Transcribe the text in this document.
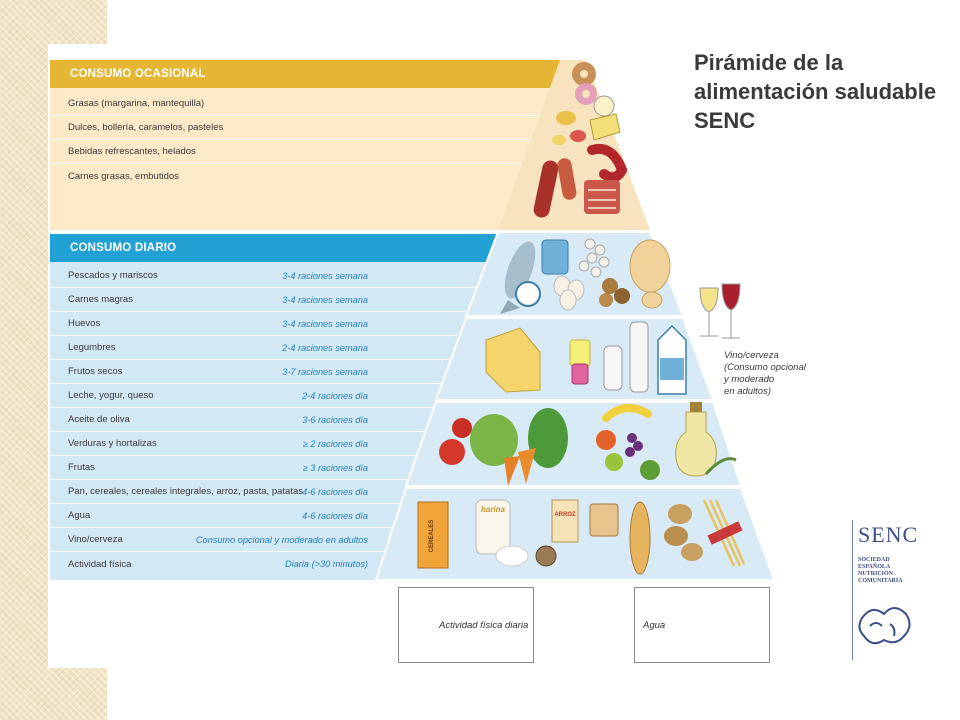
CONSUMO OCASIONAL
Grasas (margarina, mantequilla)
Dulces, bollería, caramelos, pasteles
Bebidas refrescantes, helados
Carnes grasas, embutidos
CONSUMO DIARIO
Pescados y mariscos	3-4 raciones semana
Carnes magras	3-4 raciones semana
Huevos	3-4 raciones semana
Legumbres	2-4 raciones semana
Frutos secos	3-7 raciones semana
Leche, yogur, queso	2-4 raciones día
Aceite de oliva	3-6 raciones día
Verduras y hortalizas	≥ 2 raciones día
Frutas	≥ 3 raciones día
Pan, cereales, cereales integrales, arroz, pasta, patatas 4-6 raciones día
Agua	4-6 raciones día
Vino/cerveza	Consumo opcional y moderado en adultos
Actividad física	Diaria (>30 minutos)
CEREALES
harina
ARROZ
Pirámide de la
alimentación saludable
SENC
Vino/cerveza
(Consumo opcional
y moderado
en adultos)
Actividad física diaria	Agua
SENC
SOCIEDAD
ESPAÑOLA
NUTRICIÓN
COMUNITARIA
